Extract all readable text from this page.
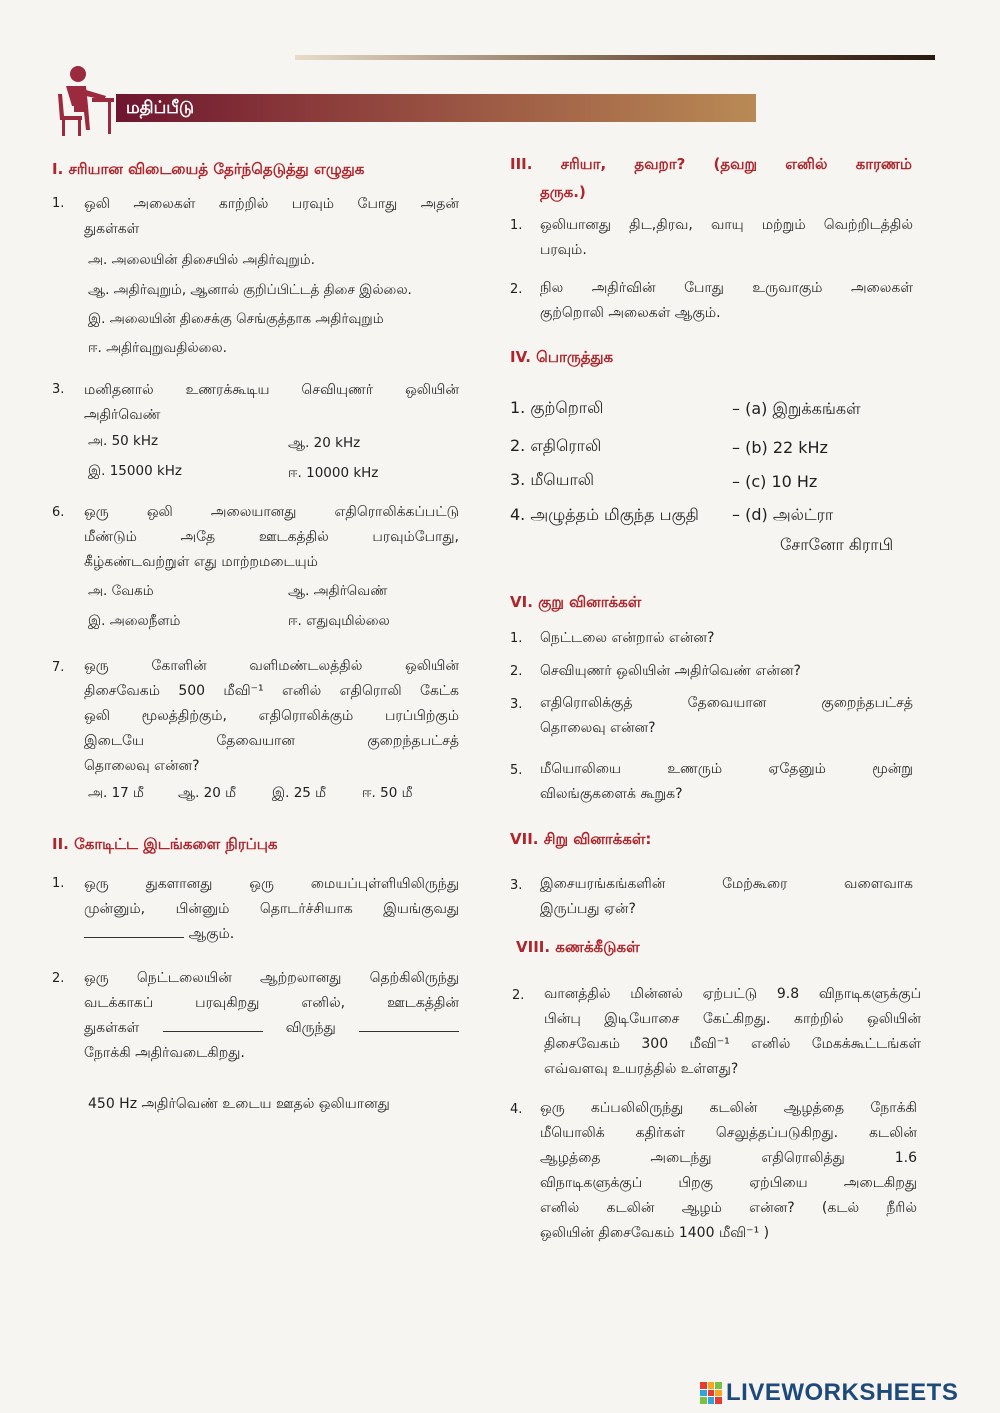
மதிப்பீடு
I. சரியான விடையைத் தேர்ந்தெடுத்து எழுதுக
1. ஒலி அலைகள் காற்றில் பரவும் போது அதன்
துகள்கள்
அ. அலையின் திசையில் அதிர்வுறும்.
ஆ. அதிர்வுறும், ஆனால் குறிப்பிட்டத் திசை இல்லை.
இ. அலையின் திசைக்கு செங்குத்தாக அதிர்வுறும்
ஈ. அதிர்வுறுவதில்லை.
3. மனிதனால் உணரக்கூடிய செவியுணர் ஒலியின்
அதிர்வெண்
அ. 50 kHz	ஆ. 20 kHz
இ. 15000 kHz	ஈ. 10000 kHz
6. ஒரு ஒலி அலையானது எதிரொலிக்கப்பட்டு
மீண்டும் அதே ஊடகத்தில் பரவும்போது,
கீழ்கண்டவற்றுள் எது மாற்றமடையும்
அ. வேகம்	ஆ. அதிர்வெண்
இ. அலைநீளம்	ஈ. எதுவுமில்லை
7. ஒரு கோளின் வளிமண்டலத்தில் ஒலியின்
திசைவேகம் 500 மீவி⁻¹ எனில் எதிரொலி கேட்க
ஒலி மூலத்திற்கும், எதிரொலிக்கும் பரப்பிற்கும்
இடையே தேவையான குறைந்தபட்சத்
தொலைவு என்ன?
அ. 17 மீ	ஆ. 20 மீ	இ. 25 மீ	ஈ. 50 மீ
II. கோடிட்ட இடங்களை நிரப்புக
1. ஒரு துகளானது ஒரு மையப்புள்ளியிலிருந்து
முன்னும், பின்னும் தொடர்ச்சியாக இயங்குவது
ஆகும்.
2. ஒரு நெட்டலையின் ஆற்றலானது தெற்கிலிருந்து
வடக்காகப் பரவுகிறது எனில், ஊடகத்தின்
துகள்கள்	விருந்து
நோக்கி அதிர்வடைகிறது.
450 Hz அதிர்வெண் உடைய ஊதல் ஒலியானது
III. சரியா, தவறா? (தவறு எனில் காரணம்
தருக.)
1. ஒலியானது திட,திரவ, வாயு மற்றும் வெற்றிடத்தில்
பரவும்.
2. நில அதிர்வின் போது உருவாகும் அலைகள்
குற்றொலி அலைகள் ஆகும்.
IV. பொருத்துக
1. குற்றொலி	– (a) இறுக்கங்கள்
2. எதிரொலி	– (b) 22 kHz
3. மீயொலி	– (c) 10 Hz
4. அழுத்தம் மிகுந்த பகுதி – (d) அல்ட்ரா
சோனோ கிராபி
VI. குறு வினாக்கள்
1. நெட்டலை என்றால் என்ன?
2. செவியுணர் ஒலியின் அதிர்வெண் என்ன?
3. எதிரொலிக்குத் தேவையான குறைந்தபட்சத்
தொலைவு என்ன?
5. மீயொலியை உணரும் ஏதேனும் மூன்று
விலங்குகளைக் கூறுக?
VII. சிறு வினாக்கள்:
3. இசையரங்கங்களின் மேற்கூரை வளைவாக
இருப்பது ஏன்?
VIII. கணக்கீடுகள்
2. வானத்தில் மின்னல் ஏற்பட்டு 9.8 விநாடிகளுக்குப்
பின்பு இடியோசை கேட்கிறது. காற்றில் ஒலியின்
திசைவேகம் 300 மீவி⁻¹ எனில் மேகக்கூட்டங்கள்
எவ்வளவு உயரத்தில் உள்ளது?
4. ஒரு கப்பலிலிருந்து கடலின் ஆழத்தை நோக்கி
மீயொலிக் கதிர்கள் செலுத்தப்படுகிறது. கடலின்
ஆழத்தை அடைந்து எதிரொலித்து 1.6
விநாடிகளுக்குப் பிறகு ஏற்பியை அடைகிறது
எனில் கடலின் ஆழம் என்ன? (கடல் நீரில்
ஒலியின் திசைவேகம் 1400 மீவி⁻¹ )
LIVEWORKSHEETS
